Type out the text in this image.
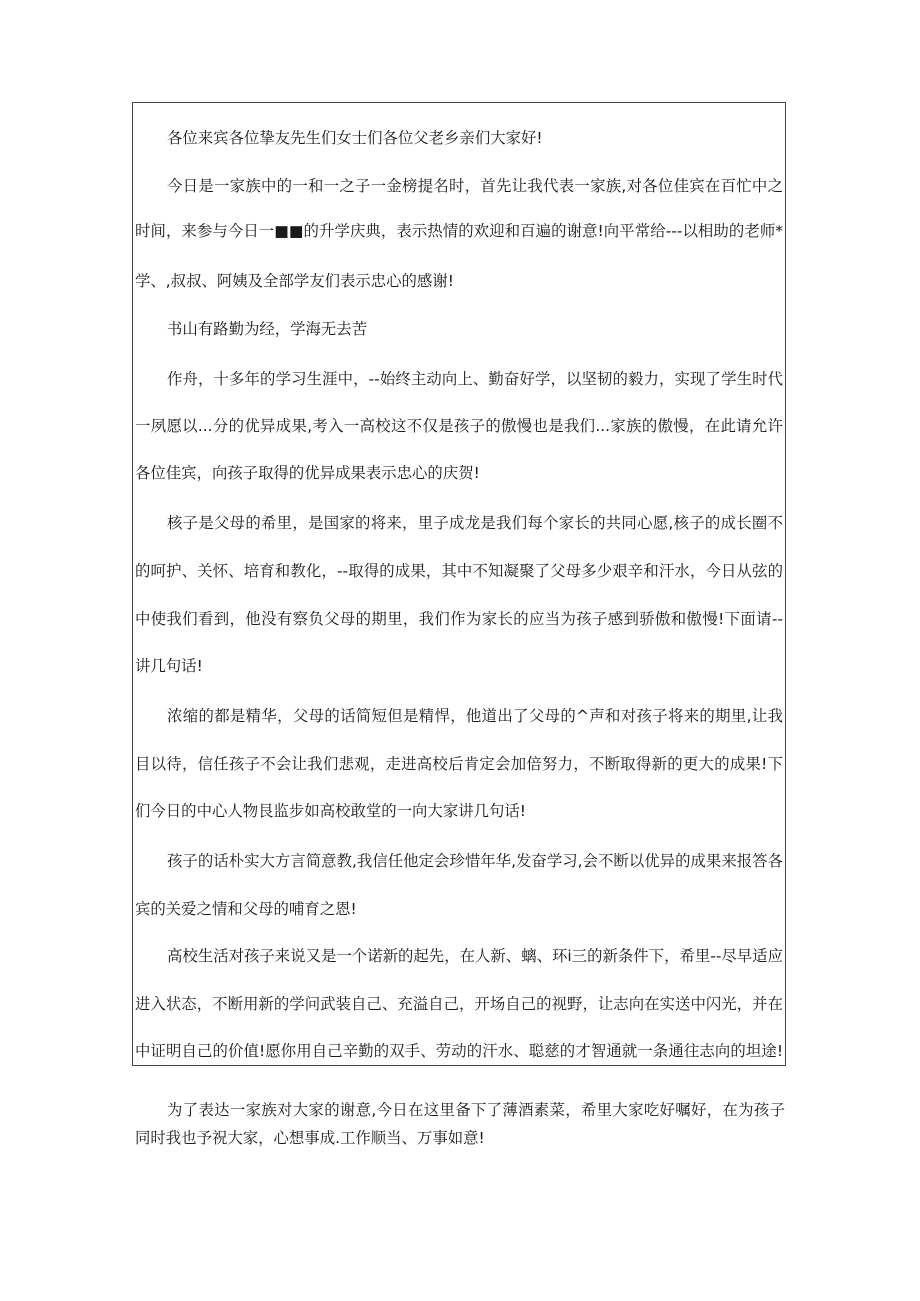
各位来宾各位挚友先生们女士们各位父老乡亲们大家好!
今日是一家族中的一和一之子一金榜提名时，首先让我代表一家族,对各位佳宾在百忙中之
时间，来参与今日一■■的升学庆典，表示热情的欢迎和百遍的谢意!向平常给---以相助的老师*
学、,叔叔、阿姨及全部学友们表示忠心的感谢!
书山有路勤为经，学海无去苦
作舟，十多年的学习生涯中，--始终主动向上、勤奋好学，以坚韧的毅力，实现了学生时代
一夙愿以...分的优异成果,考入一高校这不仅是孩子的傲慢也是我们...家族的傲慢，在此请允许
各位佳宾，向孩子取得的优异成果表示忠心的庆贺!
核子是父母的希里，是国家的将来，里子成龙是我们每个家长的共同心愿,核子的成长圈不
的呵护、关怀、培育和教化，--取得的成果，其中不知凝聚了父母多少艰辛和汗水，今日从弦的
中使我们看到，他没有察负父母的期里，我们作为家长的应当为孩子感到骄傲和傲慢!下面请--
讲几句话!
浓缩的都是精华，父母的话简短但是精悍，他道出了父母的^声和对孩子将来的期里,让我
目以待，信任孩子不会让我们悲观，走进高校后肯定会加倍努力，不断取得新的更大的成果!下
们今日的中心人物艮监步如高校敢堂的一向大家讲几句话!
孩子的话朴实大方言简意教,我信任他定会珍惜年华,发奋学习,会不断以优异的成果来报答各
宾的关爱之情和父母的哺育之恩!
高校生活对孩子来说又是一个诺新的起先，在人新、螭、环i三的新条件下，希里--尽早适应
进入状态，不断用新的学问武装自己、充溢自己，开场自己的视野，让志向在实送中闪光，并在
中证明自己的价值!愿你用自己辛勤的双手、劳动的汗水、聪慈的才智通就一条通往志向的坦途!
为了表达一家族对大家的谢意,今日在这里备下了薄酒素菜，希里大家吃好嘱好，在为孩子
同时我也予祝大家，心想事成.工作顺当、万事如意!
